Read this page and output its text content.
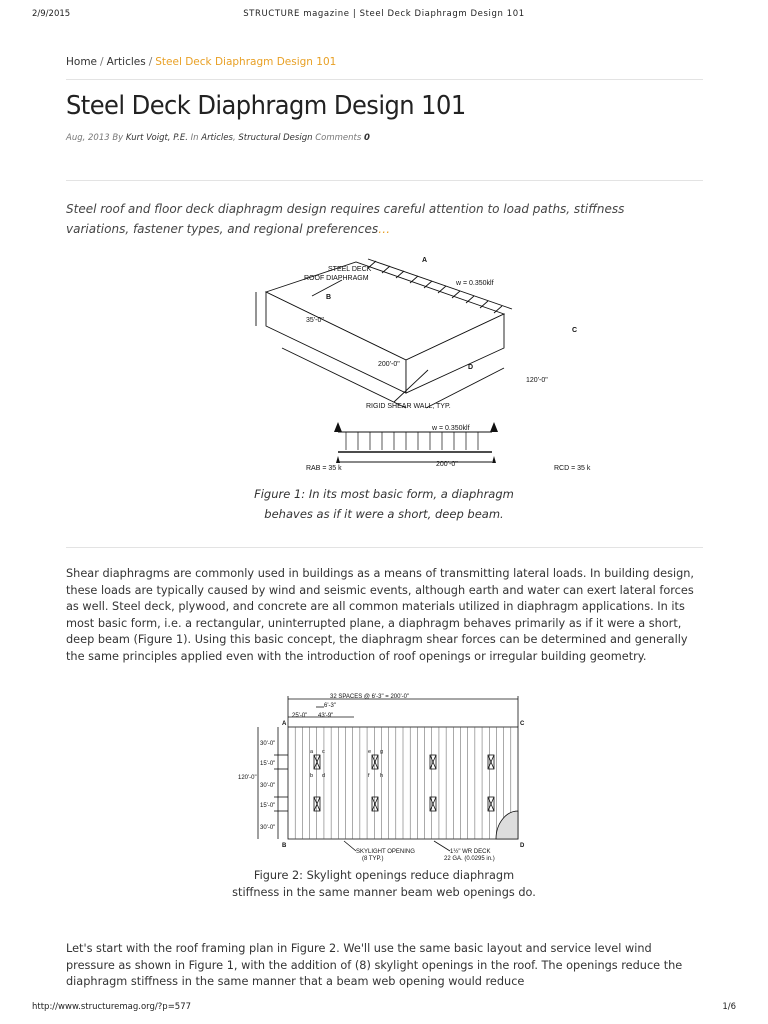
2/9/2015	STRUCTURE magazine | Steel Deck Diaphragm Design 101
Home / Articles / Steel Deck Diaphragm Design 101
Steel Deck Diaphragm Design 101
Aug, 2013 By Kurt Voigt, P.E. In Articles, Structural Design Comments 0

Steel roof and floor deck diaphragm design requires careful attention to load paths, stiffness variations, fastener types, and regional preferences…

STEEL DECK
ROOF DIAPHRAGM
A
w = 0.350klf
B
35'-0"
C
200'-0"	D
120'-0"
RIGID SHEAR WALL, TYP.
w = 0.350klf
200'-0"
RAB = 35 k	RCD = 35 k
Figure 1: In its most basic form, a diaphragm behaves as if it were a short, deep beam.

Shear diaphragms are commonly used in buildings as a means of transmitting lateral loads. In building design, these loads are typically caused by wind and seismic events, although earth and water can exert lateral forces as well. Steel deck, plywood, and concrete are all common materials utilized in diaphragm applications. In its most basic form, i.e. a rectangular, uninterrupted plane, a diaphragm behaves primarily as if it were a short, deep beam (Figure 1). Using this basic concept, the diaphragm shear forces can be determined and generally the same principles applied even with the introduction of roof openings or irregular building geometry.

32 SPACES @ 6'-3" = 200'-0"
6'-3"
25'-0" 43'-9"
A	C
30'-0"
15'-0"
120'-0"
30'-0"
15'-0"
30'-0"
a c
b d
e g
f h
B	D
SKYLIGHT OPENING
(8 TYP.)
1½" WR DECK
22 GA. (0.0295 in.)
Figure 2: Skylight openings reduce diaphragm stiffness in the same manner beam web openings do.

Let's start with the roof framing plan in Figure 2. We'll use the same basic layout and service level wind pressure as shown in Figure 1, with the addition of (8) skylight openings in the roof. The openings reduce the diaphragm stiffness in the same manner that a beam web opening would reduce

http://www.structuremag.org/?p=577	1/6
